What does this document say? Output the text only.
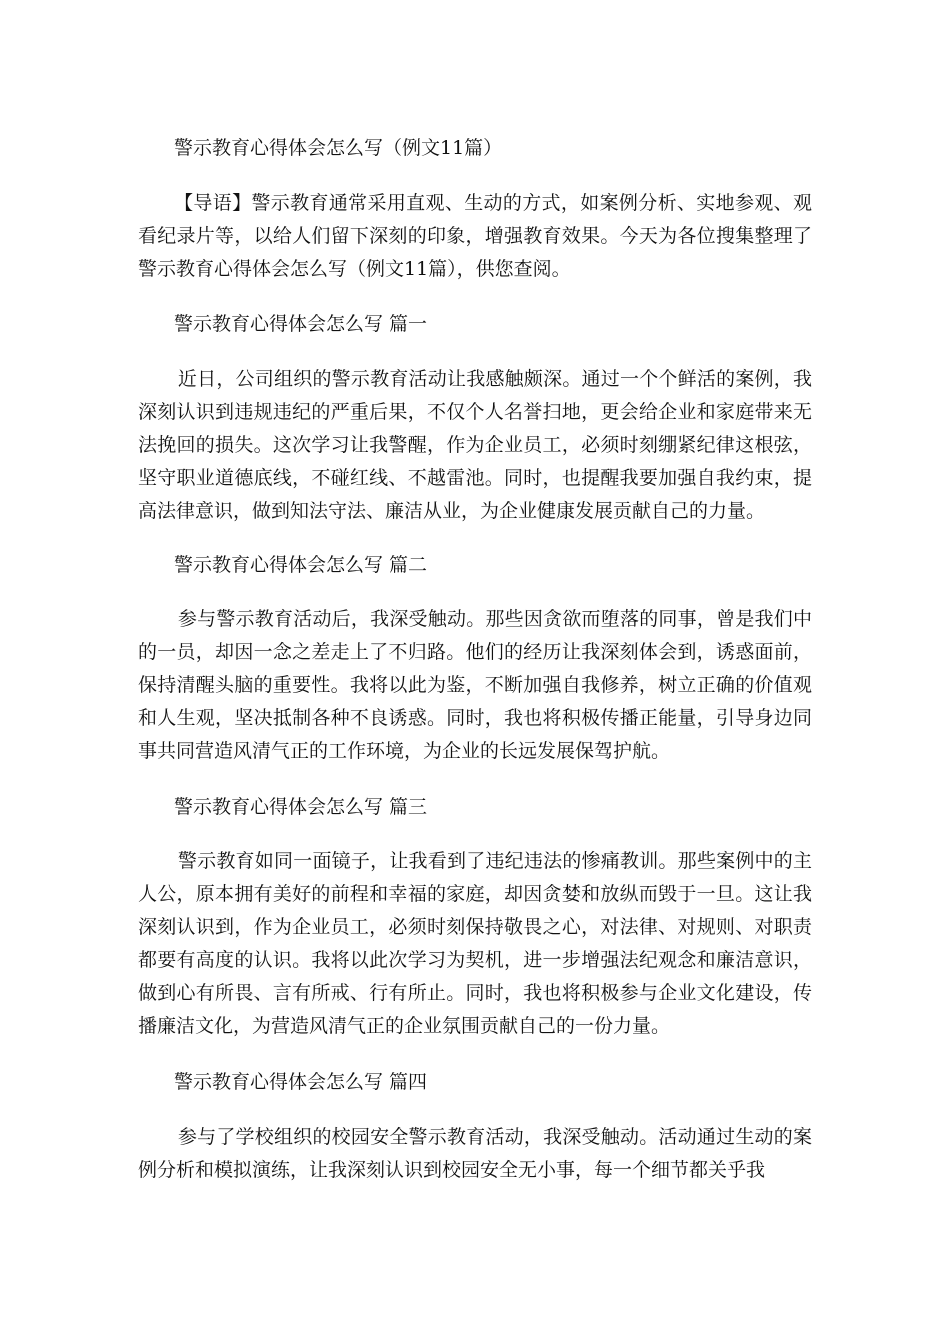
警示教育心得体会怎么写（例文11篇）

【导语】警示教育通常采用直观、生动的方式，如案例分析、实地参观、观看纪录片等，以给人们留下深刻的印象，增强教育效果。今天为各位搜集整理了警示教育心得体会怎么写（例文11篇），供您查阅。

警示教育心得体会怎么写 篇一

近日，公司组织的警示教育活动让我感触颇深。通过一个个鲜活的案例，我深刻认识到违规违纪的严重后果，不仅个人名誉扫地，更会给企业和家庭带来无法挽回的损失。这次学习让我警醒，作为企业员工，必须时刻绷紧纪律这根弦，坚守职业道德底线，不碰红线、不越雷池。同时，也提醒我要加强自我约束，提高法律意识，做到知法守法、廉洁从业，为企业健康发展贡献自己的力量。

警示教育心得体会怎么写 篇二

参与警示教育活动后，我深受触动。那些因贪欲而堕落的同事，曾是我们中的一员，却因一念之差走上了不归路。他们的经历让我深刻体会到，诱惑面前，保持清醒头脑的重要性。我将以此为鉴，不断加强自我修养，树立正确的价值观和人生观，坚决抵制各种不良诱惑。同时，我也将积极传播正能量，引导身边同事共同营造风清气正的工作环境，为企业的长远发展保驾护航。

警示教育心得体会怎么写 篇三

警示教育如同一面镜子，让我看到了违纪违法的惨痛教训。那些案例中的主人公，原本拥有美好的前程和幸福的家庭，却因贪婪和放纵而毁于一旦。这让我深刻认识到，作为企业员工，必须时刻保持敬畏之心，对法律、对规则、对职责都要有高度的认识。我将以此次学习为契机，进一步增强法纪观念和廉洁意识，做到心有所畏、言有所戒、行有所止。同时，我也将积极参与企业文化建设，传播廉洁文化，为营造风清气正的企业氛围贡献自己的一份力量。

警示教育心得体会怎么写 篇四

参与了学校组织的校园安全警示教育活动，我深受触动。活动通过生动的案例分析和模拟演练，让我深刻认识到校园安全无小事，每一个细节都关乎我
